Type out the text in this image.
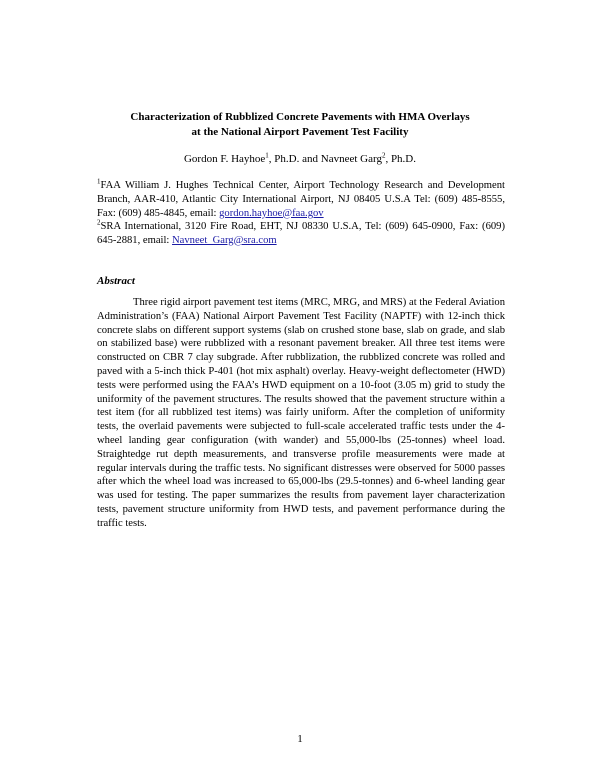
Characterization of Rubblized Concrete Pavements with HMA Overlays
at the National Airport Pavement Test Facility
Gordon F. Hayhoe$^1$, Ph.D. and Navneet Garg$^2$, Ph.D.
$^1$FAA William J. Hughes Technical Center, Airport Technology Research and Development Branch, AAR-410, Atlantic City International Airport, NJ 08405 U.S.A Tel: (609) 485-8555, Fax: (609) 485-4845, email: gordon.hayhoe@faa.gov
$^2$SRA International, 3120 Fire Road, EHT, NJ 08330 U.S.A, Tel: (609) 645-0900, Fax: (609) 645-2881, email: Navneet_Garg@sra.com
Abstract

Three rigid airport pavement test items (MRC, MRG, and MRS) at the Federal Aviation Administration’s (FAA) National Airport Pavement Test Facility (NAPTF) with 12-inch thick concrete slabs on different support systems (slab on crushed stone base, slab on grade, and slab on stabilized base) were rubblized with a resonant pavement breaker. All three test items were constructed on CBR 7 clay subgrade. After rubblization, the rubblized concrete was rolled and paved with a 5-inch thick P-401 (hot mix asphalt) overlay. Heavy-weight deflectometer (HWD) tests were performed using the FAA’s HWD equipment on a 10-foot (3.05 m) grid to study the uniformity of the pavement structures. The results showed that the pavement structure within a test item (for all rubblized test items) was fairly uniform. After the completion of uniformity tests, the overlaid pavements were subjected to full-scale accelerated traffic tests under the 4-wheel landing gear configuration (with wander) and 55,000-lbs (25-tonnes) wheel load. Straightedge rut depth measurements, and transverse profile measurements were made at regular intervals during the traffic tests. No significant distresses were observed for 5000 passes after which the wheel load was increased to 65,000-lbs (29.5-tonnes) and 6-wheel landing gear was used for testing. The paper summarizes the results from pavement layer characterization tests, pavement structure uniformity from HWD tests, and pavement performance during the traffic tests.

1
